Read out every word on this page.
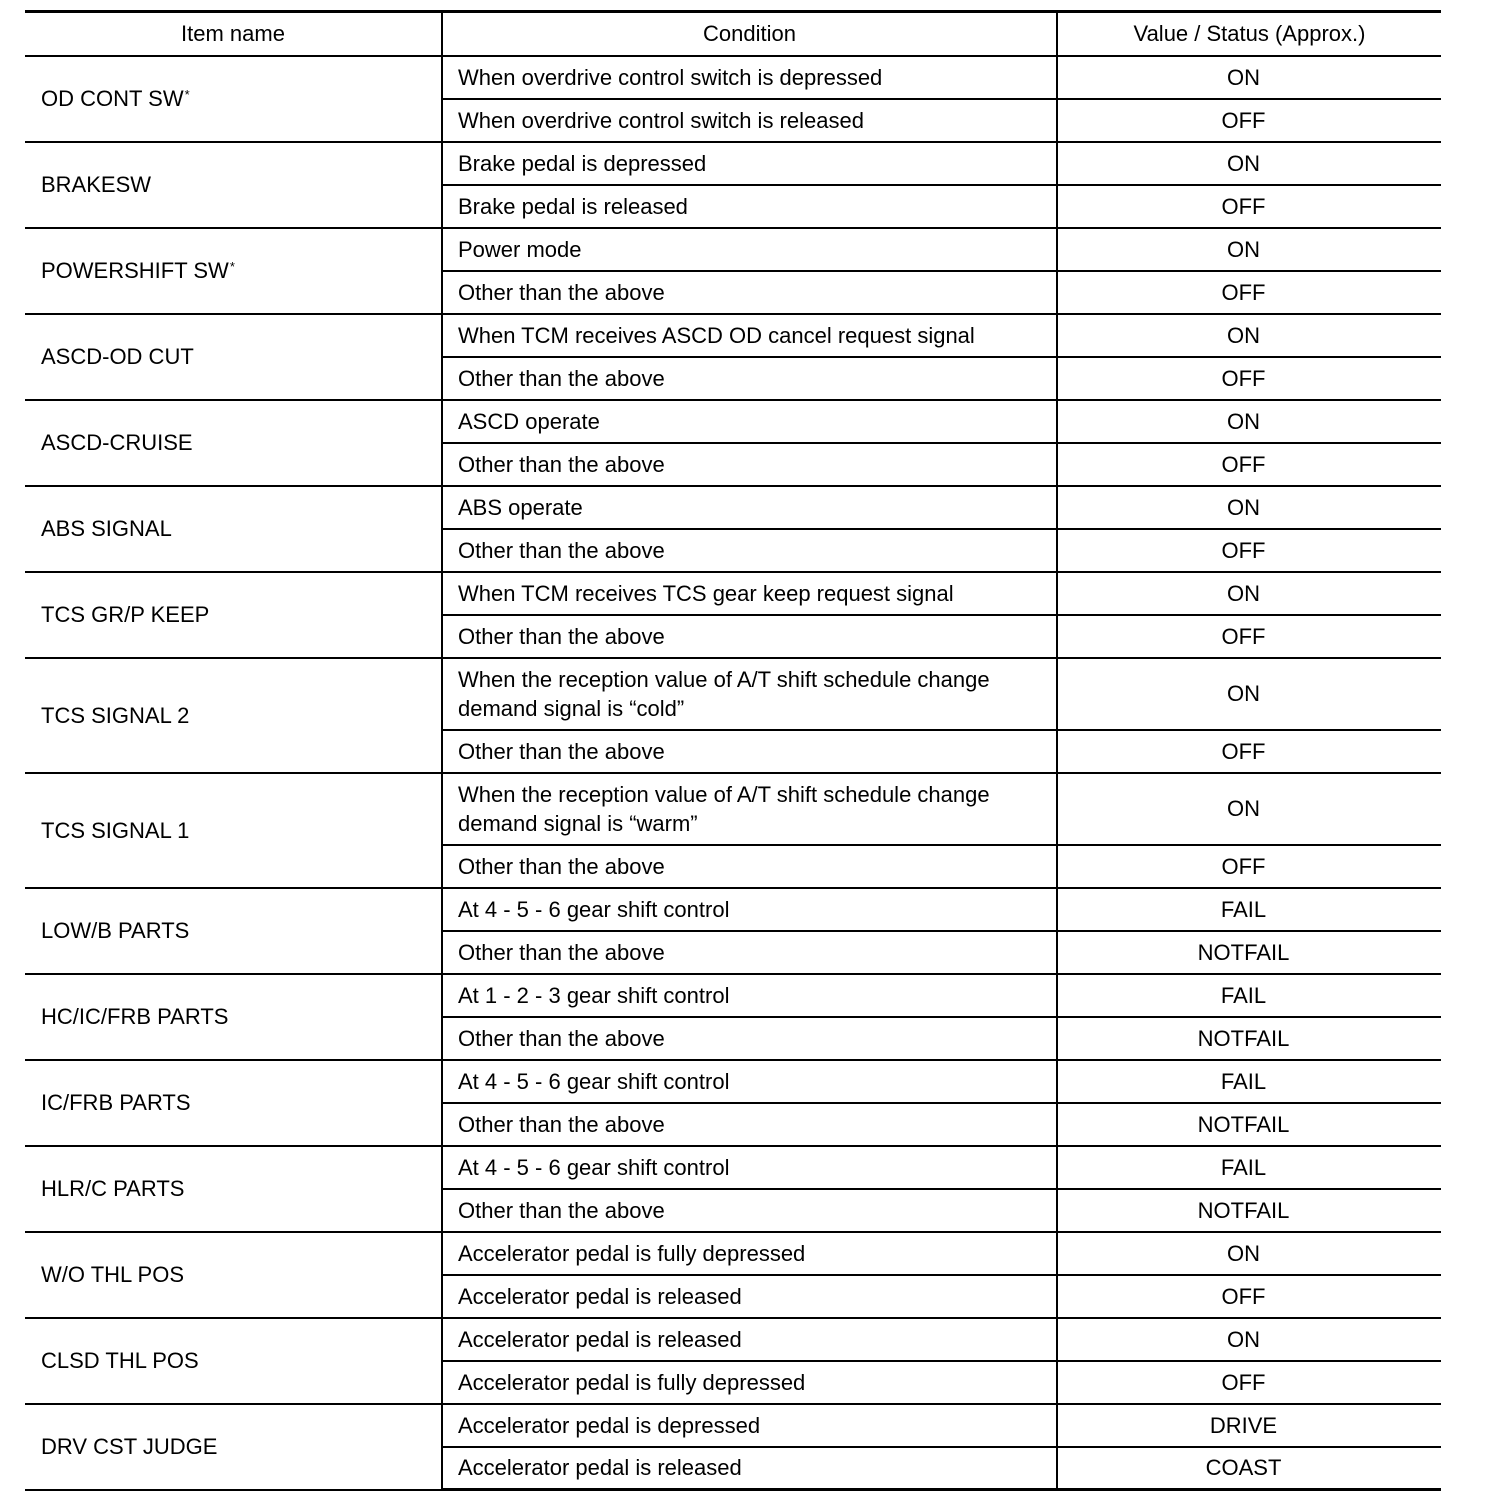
Item name	Condition	Value / Status (Approx.)
OD CONT SW*	When overdrive control switch is depressed	ON
	When overdrive control switch is released	OFF
BRAKESW	Brake pedal is depressed	ON
	Brake pedal is released	OFF
POWERSHIFT SW*	Power mode	ON
	Other than the above	OFF
ASCD-OD CUT	When TCM receives ASCD OD cancel request signal	ON
	Other than the above	OFF
ASCD-CRUISE	ASCD operate	ON
	Other than the above	OFF
ABS SIGNAL	ABS operate	ON
	Other than the above	OFF
TCS GR/P KEEP	When TCM receives TCS gear keep request signal	ON
	Other than the above	OFF
TCS SIGNAL 2	When the reception value of A/T shift schedule change demand signal is “cold”	ON
	Other than the above	OFF
TCS SIGNAL 1	When the reception value of A/T shift schedule change demand signal is “warm”	ON
	Other than the above	OFF
LOW/B PARTS	At 4 - 5 - 6 gear shift control	FAIL
	Other than the above	NOTFAIL
HC/IC/FRB PARTS	At 1 - 2 - 3 gear shift control	FAIL
	Other than the above	NOTFAIL
IC/FRB PARTS	At 4 - 5 - 6 gear shift control	FAIL
	Other than the above	NOTFAIL
HLR/C PARTS	At 4 - 5 - 6 gear shift control	FAIL
	Other than the above	NOTFAIL
W/O THL POS	Accelerator pedal is fully depressed	ON
	Accelerator pedal is released	OFF
CLSD THL POS	Accelerator pedal is released	ON
	Accelerator pedal is fully depressed	OFF
DRV CST JUDGE	Accelerator pedal is depressed	DRIVE
	Accelerator pedal is released	COAST
